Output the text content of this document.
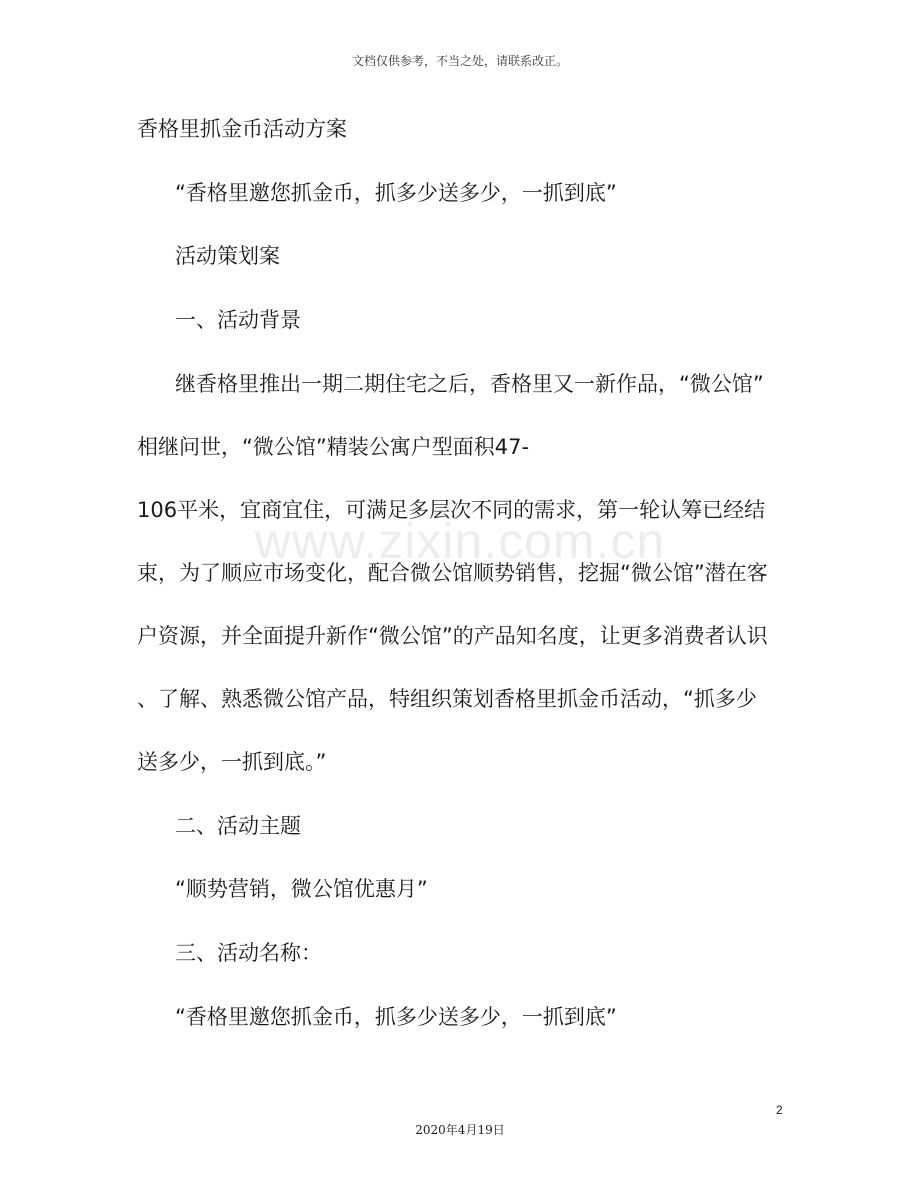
文档仅供参考，不当之处，请联系改正。
www.zixin.com.cn
香格里抓金币活动方案
“香格里邀您抓金币，抓多少送多少，一抓到底”
活动策划案
一、活动背景
继香格里推出一期二期住宅之后，香格里又一新作品，“微公馆”
相继问世，“微公馆”精装公寓户型面积47-
106平米，宜商宜住，可满足多层次不同的需求，第一轮认筹已经结
束，为了顺应市场变化，配合微公馆顺势销售，挖掘“微公馆”潜在客
户资源，并全面提升新作“微公馆”的产品知名度，让更多消费者认识
、了解、熟悉微公馆产品，特组织策划香格里抓金币活动，“抓多少
送多少，一抓到底。”
二、活动主题
“顺势营销，微公馆优惠月”
三、活动名称：
“香格里邀您抓金币，抓多少送多少，一抓到底”
2
2020年4月19日
